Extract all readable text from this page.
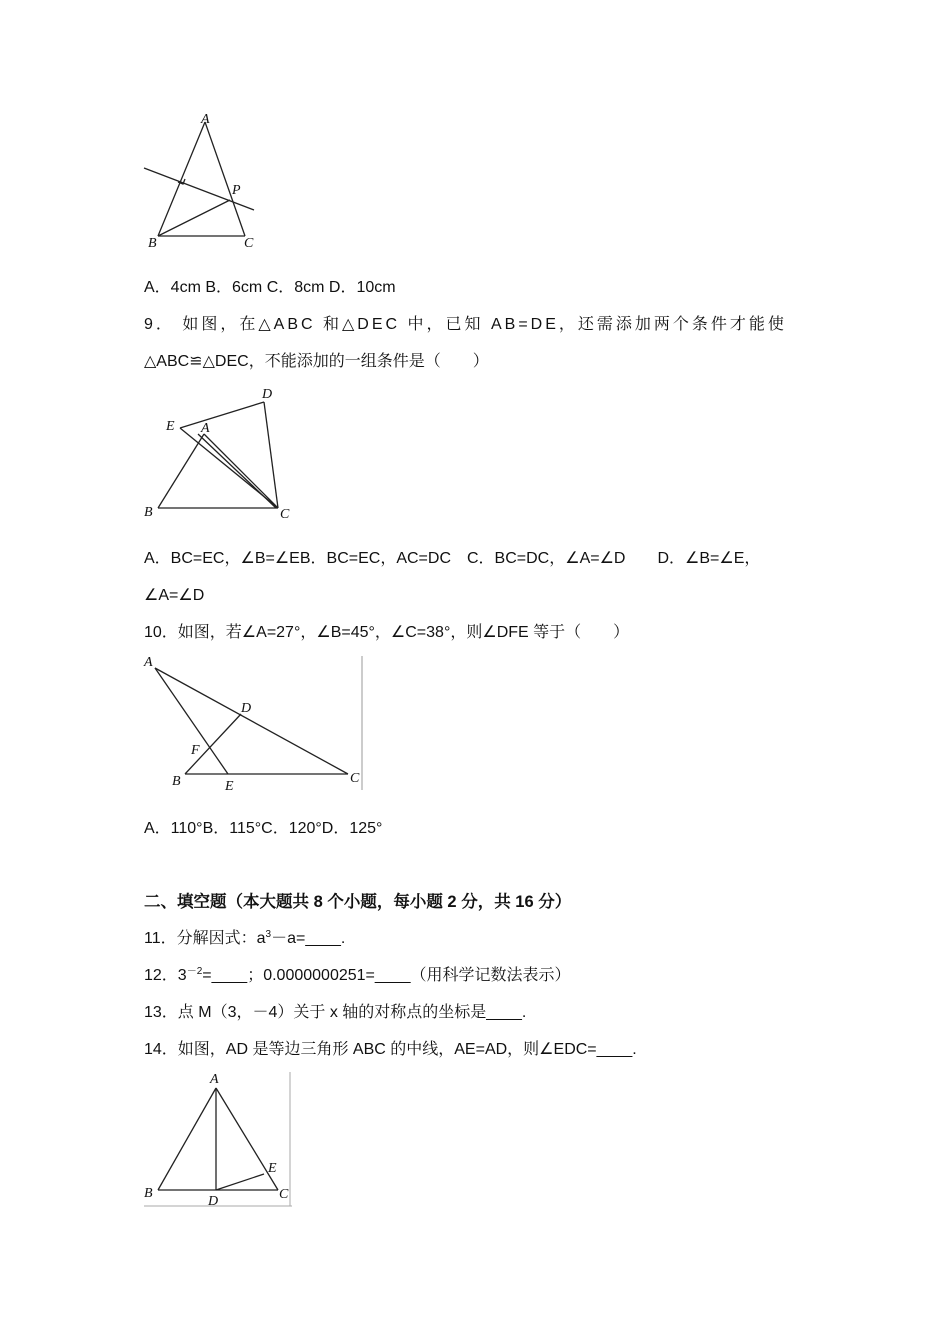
A
P
B	C
A．4cm B．6cm C．8cm D．10cm
9． 如图，在△ABC 和△DEC 中，已知 AB=DE，还需添加两个条件才能使
△ABC≌△DEC，不能添加的一组条件是（　　）
D
E A
B	C
A．BC=EC，∠B=∠EB．BC=EC，AC=DC　C．BC=DC，∠A=∠D　　D．∠B=∠E，
∠A=∠D
10．如图，若∠A=27°，∠B=45°，∠C=38°，则∠DFE 等于（　　）
A
D
F
B	E
C
A．110°B．115°C．120°D．125°
二、填空题（本大题共 8 个小题，每小题 2 分，共 16 分）
11．分解因式：$a^3-a=\_\_\_\_$.
12．$3^{-2}=\_\_\_\_$；0.0000000251=____（用科学记数法表示）
13．点 M（3，－4）关于 x 轴的对称点的坐标是____.
14．如图，AD 是等边三角形 ABC 的中线，AE=AD，则∠EDC=____.
A
B
D	C
E
